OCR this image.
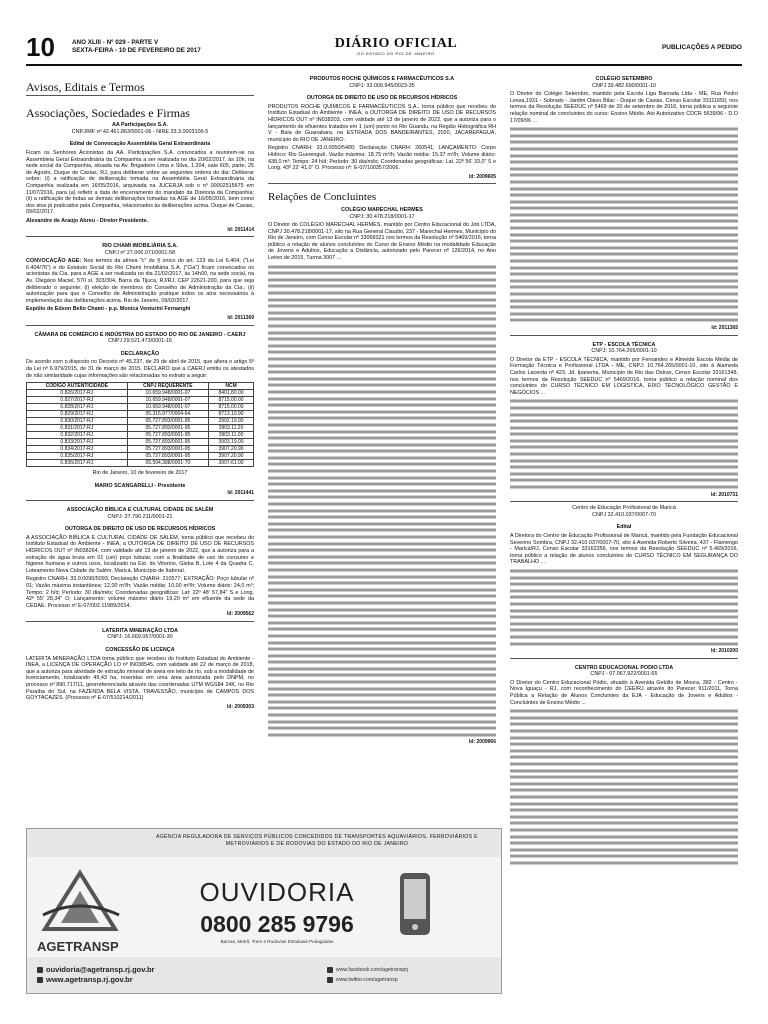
10	ANO XLIII - Nº 029 - PARTE V
SEXTA-FEIRA - 10 DE FEVEREIRO DE 2017	DIÁRIO OFICIAL
DO ESTADO DO RIO DE JANEIRO
PUBLICAÇÕES A PEDIDO
Avisos, Editais e Termos
Associações, Sociedades e Firmas
AA Participações S.A.
CNPJ/MF nº 42.461.863/0001-06 - NIRE 33.3.0003106-5
Edital de Convocação Assembléia Geral Extraordinária
Ficam os Senhores Acionistas da AA. Participações S.A. convocados a reunirem-se na Assembleia Geral Extraordinária da Companhia a ser realizada no dia 20/02/2017, às 10h, na sede social da Companhia, situada na Av. Brigadeiro Lima e Silva, 1.204, sala 605, parte, 25 de Agosto, Duque de Caxias, RJ, para deliberar sobre as seguintes ordens do dia: Deliberar sobre: (i) a ratificação de deliberação tomada na Assembléia Geral Extraordinária da Companhia realizada em 16/05/2016, arquivada na JUCERJA sob o nº 00002915675 em 11/07/2016, para (a) refletir a data de encerramento do mandato da Diretoria da Companhia; (ii) a ratificação de todas as demais deliberações tomadas na AGE de 16/05/2016, bem como dos atos já praticados pela Companhia, relacionados às deliberações acima. Duque de Caxias, 09/02/2017.
Alexandre de Araújo Abreu - Diretor Presidente.
Id: 2011414
RIO CHAMI IMOBILIÁRIA S.A.
CNPJ nº 27.006.071/0001-58
CONVOCAÇÃO AGE: Nos termos da alínea "c" do § único do art. 123 da Lei 6.404, ("Lei 6.404/76") e do Estatuto Social do Rio Chami Imobiliária S.A. ("Cia") ficam convocados os acionistas da Cia. para a AGE a ser realizada no dia 21/02/2017, às 14h00, na sede social, na Av. Olegário Maciel, 570 sl. 303/304, Barra da Tijuca, RJ/RJ, CEP 22621-200, para que seja deliberado o seguinte: (i) eleição de membros do Conselho de Administração da Cia.; (ii) autorização para que o Conselho de Administração pratique todos os atos necessários à implementação das deliberações acima. Rio de Janeiro, 09/02/2017.
Espólio de Edson Bello Chami - p.p. Monica Venturini Fernanghi
Id: 2011369
CÂMARA DE COMÉRCIO E INDÚSTRIA DO ESTADO DO RIO DE JANEIRO - CAERJ
CNPJ 29.521.473/0001-16
DECLARAÇÃO
De acordo com o disposto no Decreto nº 45.237, de 29 de abril de 2015, que altera o artigo 5º da Lei nº 6.979/2015, de 31 de março de 2015, DECLARO que a CAERJ emitiu os atestados de não similaridade cujas informações são relacionadas no extrato a seguir:
CÓDIGO AUTENTICIDADE	CNPJ REQUERENTE	NCM
0.826/2017-RJ	10.659.948/0001-07	8401.80.00
0.827/2017-RJ	10.659.948/0001-07	8715.00.00
0.828/2017-RJ	10.659.948/0001-07	8715.00.00
0.829/2017-RJ	05.315.977/0004-64	8713.10.90
0.830/2017-RJ	05.727.893/0001-95	2902.19.90
0.831/2017-RJ	05.727.893/0001-95	3903.11.20
0.832/2017-RJ	05.727.893/0001-95	3903.11.00
0.833/2017-RJ	05.727.893/0001-95	3903.19.00
0.834/2017-RJ	05.727.893/0001-95	3907.20.90
0.835/2017-RJ	05.727.893/0001-95	3907.20.90
0.836/2017-RJ	05.594.388/0001-70	3907.61.00
Rio de Janeiro, 10 de fevereiro de 2017
MARIO SCANGARELLI - Presidente
Id: 2011441
ASSOCIAÇÃO BÍBLICA E CULTURAL CIDADE DE SALÉM
CNPJ: 27.790.211/0001-21
OUTORGA DE DIREITO DE USO DE RECURSOS HÍDRICOS
A ASSOCIAÇÃO BÍBLICA E CULTURAL CIDADE DE SALÉM, torna público que recebeu do Instituto Estadual do Ambiente - INEA, a OUTORGA DE DIREITO DE USO DE RECURSOS HÍDRICOS OUT nº IN038264, com validade até 13 de janeiro de 2022, que a autoriza para a extração de água bruta em 01 (um) poço tubular, com a finalidade de uso de consumo e higiene humana e outros usos, localizado na Est. do Vitorino, Gleba B, Lote 4 da Quadra C, Loteamento Nova Cidade de Salém, Maricá, Município de Itaboraí.
Registro CNARH: 33.0.0090/5093; Declaração CNARH: 210577; EXTRAÇÃO: Poço tubular nº 01; Vazão máxima instantânea: 12,00 m³/h; Vazão média: 10,00 m³/h; Volume diário: 24,0 m³; Tempo: 2 h/d; Período: 30 dia/mês; Coordenadas geográficas: Lat: 22º 48' 57,84" S e Long. 42º 55' 28,34" O; Lançamento: volume máximo diário 19,20 m³ em efluente da sede da CEDAE. Processo nº E-07/002.11989/2014.
Id: 2009562
LATERITA MINERAÇÃO LTDA
CNPJ: 16.669.067/0001-30
CONCESSÃO DE LICENÇA
LATERITA MINERAÇÃO LTDA torna público que recebeu do Instituto Estadual do Ambiente - INEA, a LICENÇA DE OPERAÇÃO LO nº IN038545, com validade até 22 de março de 2018, que a autoriza para atividade de extração mineral de areia em leito de rio, sob a modalidade de licenciamento, totalizando 49,43 ha, inseridas em uma área autorizada pelo DNPM, no processo nº 890.717/11, georreferenciada através das coordenadas UTM WGS84 24K, no Rio Paraíba do Sul, na FAZENDA BELA VISTA, TRAVESSÃO, município de CAMPOS DOS GOYTACAZES. (Processo nº E-07/510214/2011)
Id: 2009303
PRODUTOS ROCHE QUÍMICOS E FARMACÊUTICOS S.A
CNPJ: 33.009.945/0023-35
OUTORGA DE DIREITO DE USO DE RECURSOS HÍDRICOS
PRODUTOS ROCHE QUÍMICOS E FARMACÊUTICOS S.A., torna público que recebeu do Instituto Estadual do Ambiente - INEA, a OUTORGA DE DIREITO DE USO DE RECURSOS HÍDRICOS OUT nº IN038203, com validade até 13 de janeiro de 2022, que a autoriza para o lançamento de efluentes tratados em 1 (um) ponto no Rio Guandu, na Região Hidrográfica RH V - Baía de Guanabara, na ESTRADA DOS BANDEIRANTES, 2020, JACAREPAGUÁ, município do RIO DE JANEIRO.
Registro CNARH: 33.0.0050/5480; Declaração CNARH: 260541; LANÇAMENTO: Corpo Hídrico: Rio Guerenguê. Vazão máxima: 18,75 m³/h; Vazão média: 15,37 m³/h; Volume diário: 438,0 m³; Tempo: 24 h/d; Período: 30 dia/mês; Coordenadas geográficas: Lat. 22º 56' 33,0" S e Long. 43º 22' 41,0" O. Processo nº: E-07/100357/2006.
Id: 2009605
Relações de Concluintes
COLÉGIO MARECHAL HERMES
CNPJ: 30.478.218/0001-17
O Diretor do COLÉGIO MARECHAL HERMES, mantido por Centro Educacional do Job LTDA, CNPJ 30.478.218/0001-17, sito na Rua General Claudio, 237 - Marechal Hermes, Município do Rio de Janeiro, com Censo Escolar nº 33068321 nos termos da Resolução nº 5469/2016, torna público a relação de alunos concluintes do Curso de Ensino Médio na modalidade Educação de Jovens e Adultos, Educação a Distância, autorizado pelo Parecer nº 126/2014, no Ano Letivo de 2015, Turma 3007 ...
Id: 2009966
COLÉGIO SETEMBRO
CNPJ 39.482.690/0001-10
O Diretor do Colégio Setembro, mantido pela Escola Liga Bairrada Ltda - ME, Rua Pedro Lessa,1931 - Sobrado - Jardim Olavo Bilac - Duque de Caxias, Censo Escolar 33111650, nos termos da Resolução SEEDUC nº 5469 de 20 de setembro de 2016, torna pública a seguinte relação nominal de concluintes do curso: Ensino Médio. Ato Autorizativo CDCR 5639/96 - D.O 17/09/96 ...
Id: 2011365
ETP - ESCOLA TÉCNICA
CNPJ: 10.764.265/0001-10
O Diretor da ETP - ESCOLA TÉCNICA, mantido por Fernandes e Almeida Escola Média de Formação Técnica e Profissional LTDA - ME, CNPJ: 10.764.265/0001-10, sito à Alameda Carlos Lacerda nº 423, Jd. Ipanema, Município de Rio das Ostras, Censo Escolar 33161348, nos termos da Resolução SEEDUC nº 5469/2016, torna público a relação nominal dos concluintes do CURSO TÉCNICO EM LOGÍSTICA, EIXO TECNOLÓGICO GESTÃO E NEGÓCIOS ...
Id: 2010731
Centro de Educação Profissional de Maricá
CNPJ 32.410.037/0007-70
Edital
A Diretora do Centro de Educação Profissional de Maricá, mantido pela Fundação Educacional Severino Sombra, CNPJ 32.410.037/0007-70, sito à Avenida Roberto Silveira, 437 - Flamengo - Maricá/RJ, Censo Escolar 33162356, nos termos da Resolução SEEDUC nº 5.469/2016, torna público a relação de alunos concluintes do CURSO TÉCNICO EM SEGURANÇA DO TRABALHO ...
Id: 2010200
CENTRO EDUCACIONAL PODIO LTDA
CNPJ - 07.067.922/0001-65
O Diretor do Centro Educacional Pódio, situado à Avenida Getúlio de Moura, 392 - Centro - Nova Iguaçu - RJ, com reconhecimento do CEE/RJ através do Parecer 911/2011, Torna Pública a Relação de Alunos Concluintes da EJA - Educação de Jovens e Adultos - Concluintes de Ensino Médio ...
AGÊNCIA REGULADORA DE SERVIÇOS PÚBLICOS CONCEDIDOS DE TRANSPORTES AQUAVIÁRIOS, FERROVIÁRIOS E METROVIÁRIOS E DE RODOVIAS DO ESTADO DO RIO DE JANEIRO
AGETRANSP
OUVIDORIA
0800 285 9796
Barcas, Metrô, Trem e Rodovias Estaduais Pedagiadas
ouvidoria@agetransp.rj.gov.br
www.agetransp.rj.gov.br
www.facebook.com/agetransprj
www.twitter.com/agetransp
